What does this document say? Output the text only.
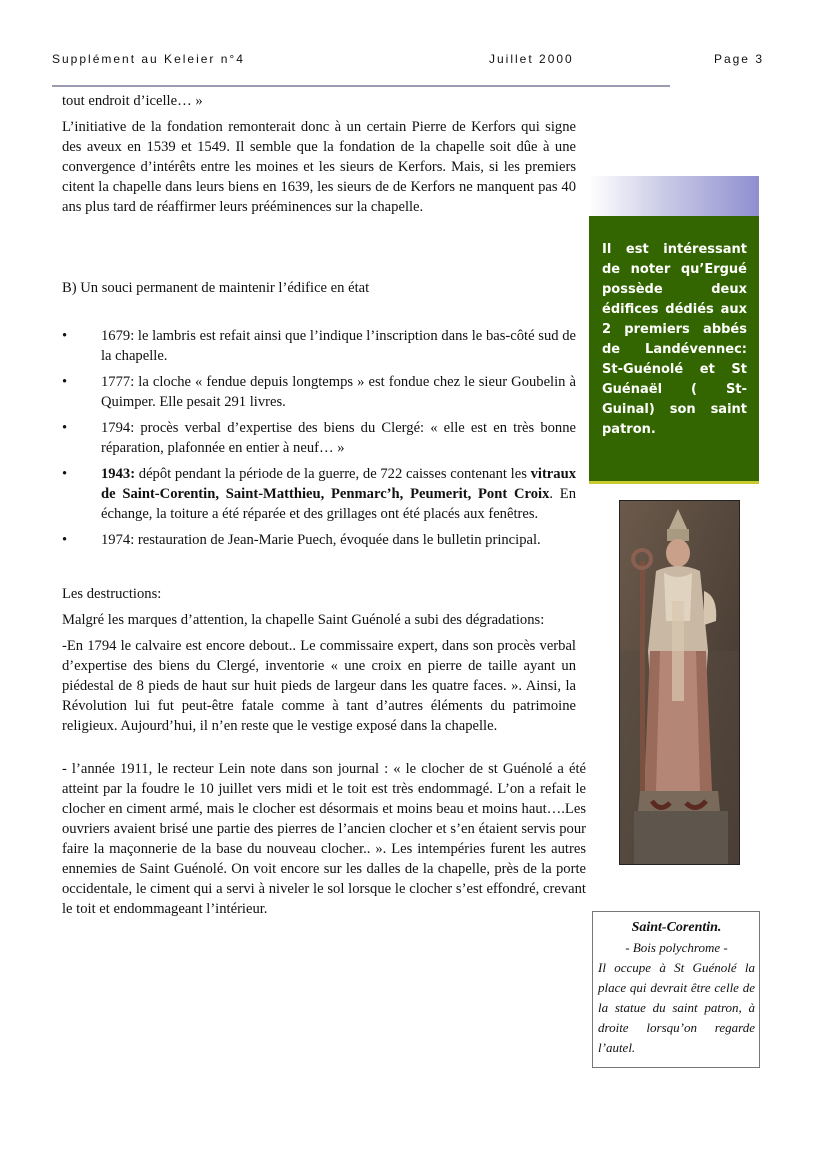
Supplément au Keleier n°4	Juillet 2000	Page 3

tout endroit d’icelle… »

L’initiative de la fondation remonterait donc à un certain Pierre de Kerfors qui signe des aveux en 1539 et 1549. Il semble que la fondation de la chapelle soit dûe à une convergence d’intérêts entre les moines et les sieurs de Kerfors. Mais, si les premiers citent la chapelle dans leurs biens en 1639, les sieurs de de Kerfors ne manquent pas 40 ans plus tard de réaffirmer leurs prééminences sur la chapelle.

B) Un souci permanent de maintenir l’édifice en état

• 1679: le lambris est refait ainsi que l’indique l’inscription dans le bas-côté sud de la chapelle.
• 1777: la cloche « fendue depuis longtemps » est fondue chez le sieur Goubelin à Quimper. Elle pesait 291 livres.
• 1794: procès verbal d’expertise des biens du Clergé: « elle est en très bonne réparation, plafonnée en entier à neuf… »
• 1943: dépôt pendant la période de la guerre, de 722 caisses contenant les vitraux de Saint-Corentin, Saint-Matthieu, Penmarc’h, Peumerit, Pont Croix. En échange, la toiture a été réparée et des grillages ont été placés aux fenêtres.
• 1974: restauration de Jean-Marie Puech, évoquée dans le bulletin principal.

Les destructions:

Malgré les marques d’attention, la chapelle Saint Guénolé a subi des dégradations:

-En 1794 le calvaire est encore debout.. Le commissaire expert, dans son procès verbal d’expertise des biens du Clergé, inventorie « une croix en pierre de taille ayant un piédestal de 8 pieds de haut sur huit pieds de largeur dans les quatre faces. ». Ainsi, la Révolution lui fut peut-être fatale comme à tant d’autres éléments du patrimoine religieux. Aujourd’hui, il n’en reste que le vestige exposé dans la chapelle.

- l’année 1911, le recteur Lein note dans son journal : « le clocher de st Guénolé a été atteint par la foudre le 10 juillet vers midi et le toit est très endommagé. L’on a refait le clocher en ciment armé, mais le clocher est désormais et moins beau et moins haut….Les ouvriers avaient brisé une partie des pierres de l’ancien clocher et s’en étaient servis pour faire la maçonnerie de la base du nouveau clocher.. ». Les intempéries furent les autres ennemies de Saint Guénolé. On voit encore sur les dalles de la chapelle, près de la porte occidentale, le ciment qui a servi à niveler le sol lorsque le clocher s’est effondré, crevant le toit et endommageant l’intérieur.

Il est intéressant de noter qu’Ergué possède deux édifices dédiés aux 2 premiers abbés de Landévennec: St-Guénolé et St Guénaël ( St-Guinal) son saint patron.
Saint-Corentin.
- Bois polychrome -
Il occupe à St Guénolé la place qui devrait être celle de la statue du saint patron, à droite lorsqu’on regarde l’autel.
